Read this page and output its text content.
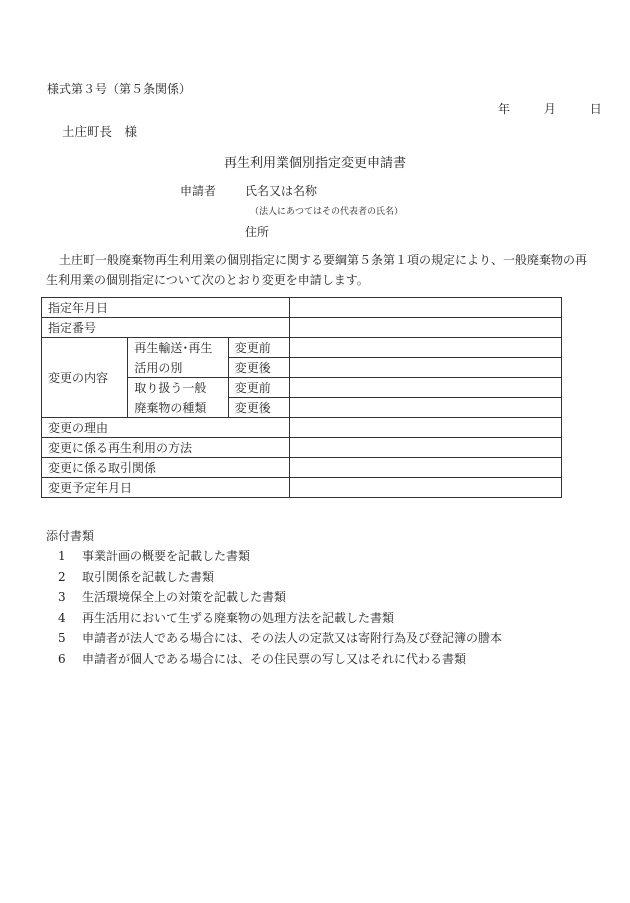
様式第３号（第５条関係）
年	月	日
土庄町長　様
再生利用業個別指定変更申請書
申請者 氏名又は名称
（法人にあつてはその代表者の氏名）
住所
土庄町一般廃棄物再生利用業の個別指定に関する要綱第５条第１項の規定により、一般廃棄物の再生利用業の個別指定について次のとおり変更を申請します。
指定年月日			
指定番号			
変更の内容	再生輸送･再生	変更前	
	活用の別	変更後	
	取り扱う一般	変更前	
	廃棄物の種類	変更後	
変更の理由			
変更に係る再生利用の方法			
変更に係る取引関係			
変更予定年月日			
添付書類
1 事業計画の概要を記載した書類
2 取引関係を記載した書類
3 生活環境保全上の対策を記載した書類
4 再生活用において生ずる廃棄物の処理方法を記載した書類
5 申請者が法人である場合には、その法人の定款又は寄附行為及び登記簿の謄本
6 申請者が個人である場合には、その住民票の写し又はそれに代わる書類
